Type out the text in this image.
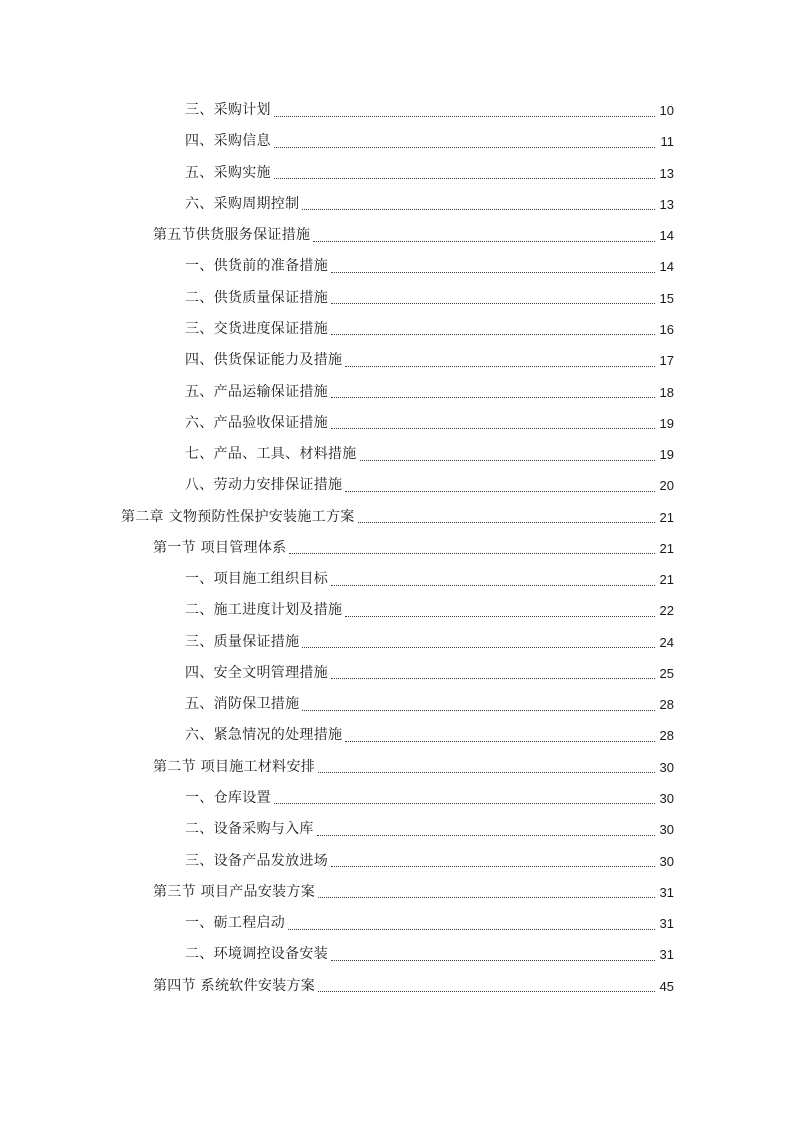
三、采购计划	10
四、采购信息	11
五、采购实施	13
六、采购周期控制	13
第五节供货服务保证措施	14
一、供货前的准备措施	14
二、供货质量保证措施	15
三、交货进度保证措施	16
四、供货保证能力及措施	17
五、产品运输保证措施	18
六、产品验收保证措施	19
七、产品、工具、材料措施	19
八、劳动力安排保证措施	20
第二章 文物预防性保护安装施工方案	21
第一节 项目管理体系	21
一、项目施工组织目标	21
二、施工进度计划及措施	22
三、质量保证措施	24
四、安全文明管理措施	25
五、消防保卫措施	28
六、紧急情况的处理措施	28
第二节 项目施工材料安排	30
一、仓库设置	30
二、设备采购与入库	30
三、设备产品发放进场	30
第三节 项目产品安装方案	31
一、砺工程启动	31
二、环境调控设备安装	31
第四节 系统软件安装方案	45
